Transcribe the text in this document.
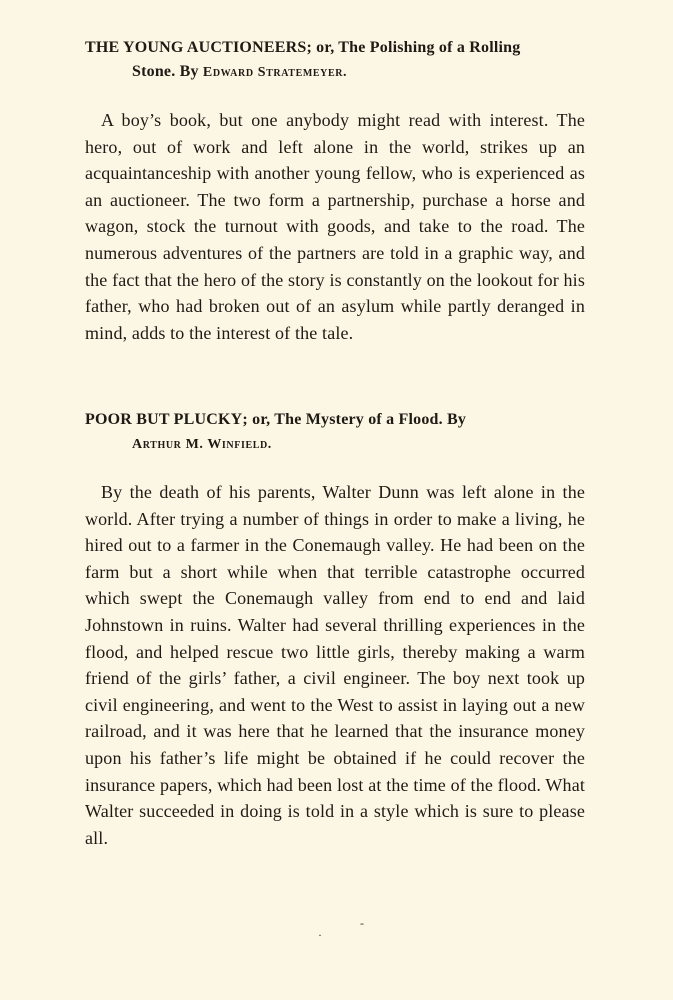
THE YOUNG AUCTIONEERS; or, The Polishing of a Rolling
Stone. By Edward Stratemeyer.

A boy’s book, but one anybody might read with interest. The hero, out of work and left alone in the world, strikes up an acquaintanceship with another young fellow, who is experienced as an auctioneer. The two form a partnership, purchase a horse and wagon, stock the turnout with goods, and take to the road. The numerous adventures of the partners are told in a graphic way, and the fact that the hero of the story is constantly on the lookout for his father, who had broken out of an asylum while partly deranged in mind, adds to the interest of the tale.

POOR BUT PLUCKY; or, The Mystery of a Flood. By
Arthur M. Winfield.

By the death of his parents, Walter Dunn was left alone in the world. After trying a number of things in order to make a living, he hired out to a farmer in the Conemaugh valley. He had been on the farm but a short while when that terrible catastrophe occurred which swept the Conemaugh valley from end to end and laid Johnstown in ruins. Walter had several thrilling experiences in the flood, and helped rescue two little girls, thereby making a warm friend of the girls’ father, a civil engineer. The boy next took up civil engineering, and went to the West to assist in laying out a new railroad, and it was here that he learned that the insurance money upon his father’s life might be obtained if he could recover the insurance papers, which had been lost at the time of the flood. What Walter succeeded in doing is told in a style which is sure to please all.

-
·
